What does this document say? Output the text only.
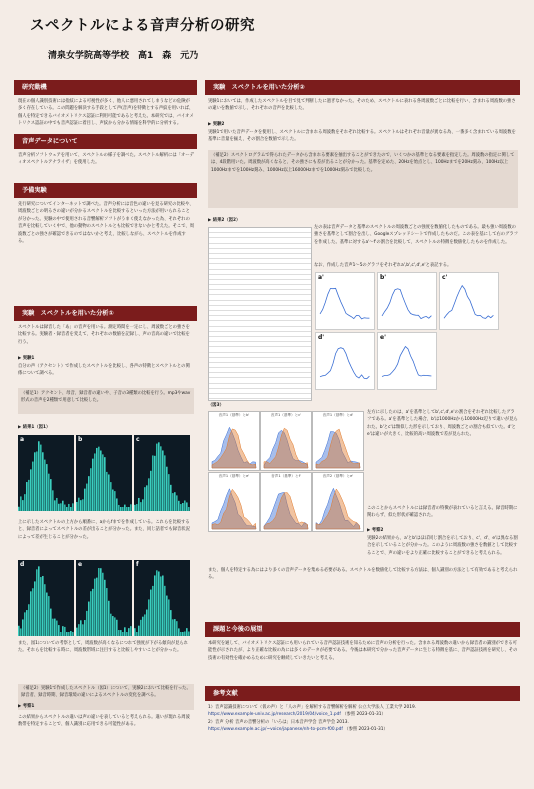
スペクトルによる音声分析の研究
清泉女学院高等学校　高1　森　元乃
研究動機
現在の個人識別技術には指紋による可視性が多く、他人に悪用されてしまうなどの危険が多く存在している。この問題を解決する手段として声(音声)を特徴とする声紋を用いれば、個人を特定できるバイオメトリクス認証に利用可能であると考えた。本研究では、バイオメトリクス認証の中でも音声認証に着目し、声紋から分かる情報を科学的に分析する。
音声データについて
音声分析ソフトウェアを用いて、スペクトルの様子を調べた。スペクトル解析には「オーディオスペクトルアナライザ」を使用した。
予備実験
先行研究についてインターネットで調べた。音声分析には音色の違いを見る研究の比較や、周波数ごとの明るさの違いが分かるスペクトルを比較するといった方法が用いられることが分かった。実験の中で使用される音響解析ソフトがうまく使えなかった為、それぞれの音声を比較していく中で、他の動物のスペクトルとも比較できないかと考えた。そこで、周波数ごとの強さが確認できるのではないかと考え、比較しながら、スペクトルを作成する。
実験　スペクトルを用いた分析①
スペクトルは録音した「あ」の音声を用いる。測定時間を一定にし、周波数ごとの強さを比較する。実験者・録音者を変えて、それぞれの数値を記録し、声の音高の違いで比較を行う。
▶ 実験1
自分の声（アクセント）で作成したスペクトルを比較し、各声の特徴とスペクトルとの関係について調べる。
（補足1）アクセント、母音、録音者の違いや、子音の3種類の比較を行う。mp3やwav形式の音声を2種類で用意して比較した。
▶ 結果1（図1）
a	b	c
d	e	f
上に示したスペクトルの上方から順番に、aからfまでを作成している。これらを比較すると、録音者によってスペクトルの差が出ることが分かった。また、同じ話者でも録音状況によって差が生じることが分かった。
また、図1についての考察として、周波数が高くなるにつれて強度が下がる傾向が見られた。それらを比較する時に、周波数帯域に注目すると比較しやすいことが分かった。
（補足2）実験1で作成したスペクトル（図1）について、実験2において比較を行った。録音者、録音時期、録音環境の違いによるスペクトルの変化を調べる。
▶ 考察1
この結果からスペクトルの違いは声の違いを表していると考えられる。違いが現れる周波数帯を特定することで、個人識別に応用できる可能性がある。
実験　スペクトルを用いた分析②
実験1においては、作成したスペクトルを目で見て判断したに過ぎなかった。そのため、スペクトルに表れる各周波数ごとに比較を行い、含まれる周波数の強さの違いを数値で示し、それぞれの音声を比較した。
▶ 実験2
実験1で用いた音声データを使用し、スペクトルに含まれる周波数をそれぞれ比較する。スペクトルはそれぞれ音量が異なる為、一番多く含まれている周波数を基準に音量を揃え、その割合を数値で示した。
（補足2）スペクトログラムで得られたデータから含まれる要素を抽出することができたので、いくつかの基準となる要素を指定した。周波数の指定に関しては、4段階用いた。周波数が高くなると、その強さにも差が出ることが分かった。基準を定めた、20Hzを始点とし、100Hzまでを20Hz刻み、100Hz以上1000Hzまでを100Hz刻み、1000Hz以上16000Hzまでを1000Hz刻みで比較した。
▶ 結果2（図2）
左の表は音声データと基準のスペクトルの周波数ごとの強度を数値化したものである。最も強い周波数の強さを基準として割合を出し、Googleスプレッドシートで作成したものだ。この表を基にして右のグラフを作成した。基準に対するa'〜f'の割合を比較して、スペクトルの特徴を数値化したものを作成した。
なお、作成した音声1〜5のグラフをそれぞれa',b',c',d',e'と表記する。
a'	b'	c'
d'	e'
（図3）
音声1（基準）とb'	音声1（基準）とc'	音声1（基準）とd'
音声1（基準）とe'	音声1（基準）とf'	音声2（基準）とe'
左方に示したのは、a'を基準としてb',c',d',e'の割合をそれぞれ比較したグラフである。a'を基準とした場合、b'は1000Hzから10000Hz辺りで違いが見られた。b'とc'は類似した形を示しており、周波数ごとの割合も似ていた。d'とe'は違いが大きく、比較的高い周波数で差が見られた。
このことからスペクトルには録音者の特徴が表れていると言える。録音時期に関わらず、似た形状が確認された。
▶ 考察2
実験2の結果から、a'とb'はほぼ同じ割合を示しており、c'、d'、e'は異なる割合を示していることが分かった。このように周波数の強さを数値として比較することで、声の違いをより正確に比較することができると考えられる。
また、個人を特定する為にはより多くの音声データを集める必要がある。スペクトルを数値化して比較する方法は、個人識別の方法として有効であると考えられる。
課題と今後の展望
本研究を通して、バイオメトリクス認証にも用いられている音声認証技術を知るために音声の分析を行った。含まれる周波数の違いから録音者の識別ができる可能性が示されたが、より正確な比較の為には多くのデータが必要である。今後は本研究で分かった音声データに生じる特徴を基に、音声認証技術を研究し、その技術の有効性を確かめるために研究を継続していきたいと考える。
参考文献

1）音声認識技術について（仮の声）と「人の声」を解析する音響解析を解析 公立大学法人 工業大学 2019.

https://www.example-univ.ac.jp/research/2019/04/voice_1.pdf （参照 2023-01-31）

2）音声 分析 音声の音響分析の「いろは」日本音声学会 音声学会 2013.

https://www.example.ac.jp/~voice/japanese/nh-to-pcm-f00.pdf （参照 2023-01-31）
